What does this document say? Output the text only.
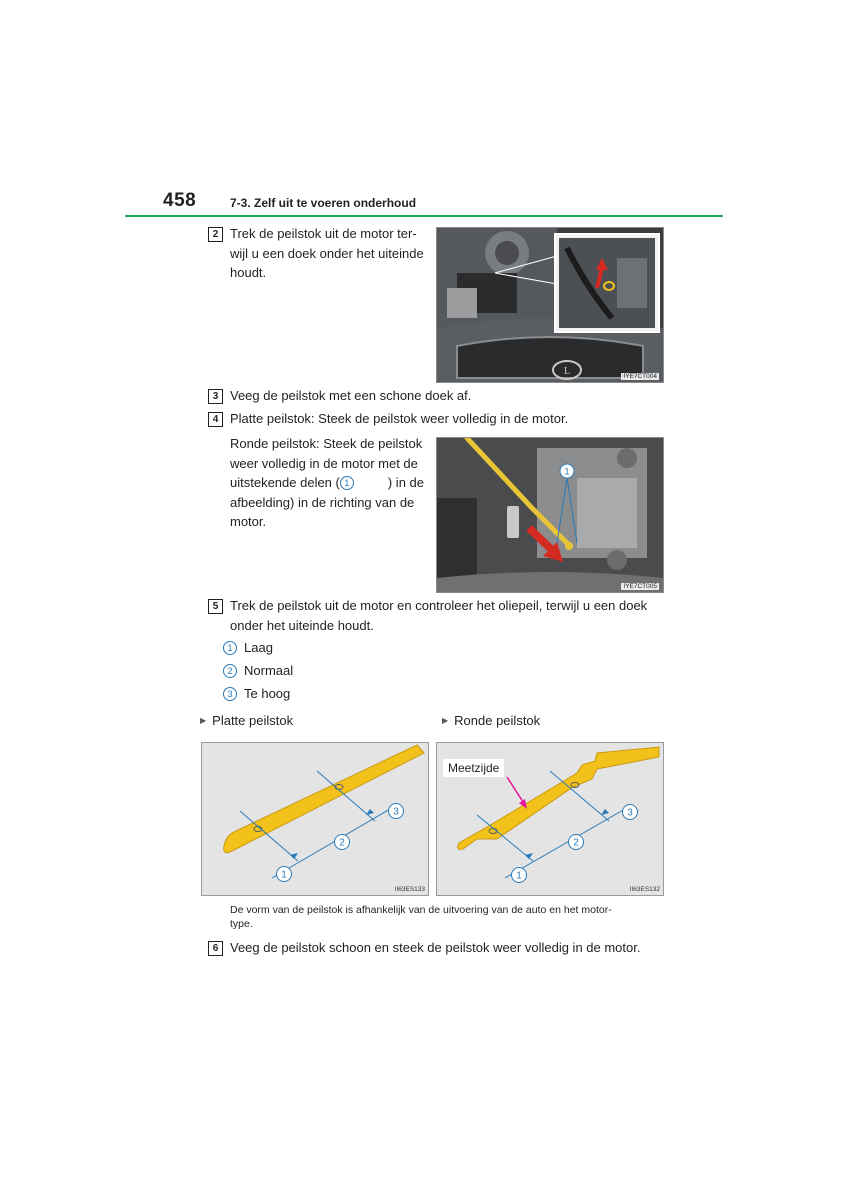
458	7-3. Zelf uit te voeren onderhoud
2 Trek de peilstok uit de motor ter-
wijl u een doek onder het uiteinde
houdt.
L	IYE7CT004
3 Veeg de peilstok met een schone doek af.
4 Platte peilstok: Steek de peilstok weer volledig in de motor.
Ronde peilstok: Steek de peilstok
weer volledig in de motor met de
uitstekende delen ( 1	) in de
afbeelding) in de richting van de
motor.
1
IYE7CT005
5 Trek de peilstok uit de motor en controleer het oliepeil, terwijl u een doek
onder het uiteinde houdt.
1 Laag
2 Normaal
3 Te hoog
▶ Platte peilstok	▶ Ronde peilstok
1
2
3
II63ES133
1
2
3
Meetzijde
II63ES132
De vorm van de peilstok is afhankelijk van de uitvoering van de auto en het motor-
type.
6 Veeg de peilstok schoon en steek de peilstok weer volledig in de motor.
